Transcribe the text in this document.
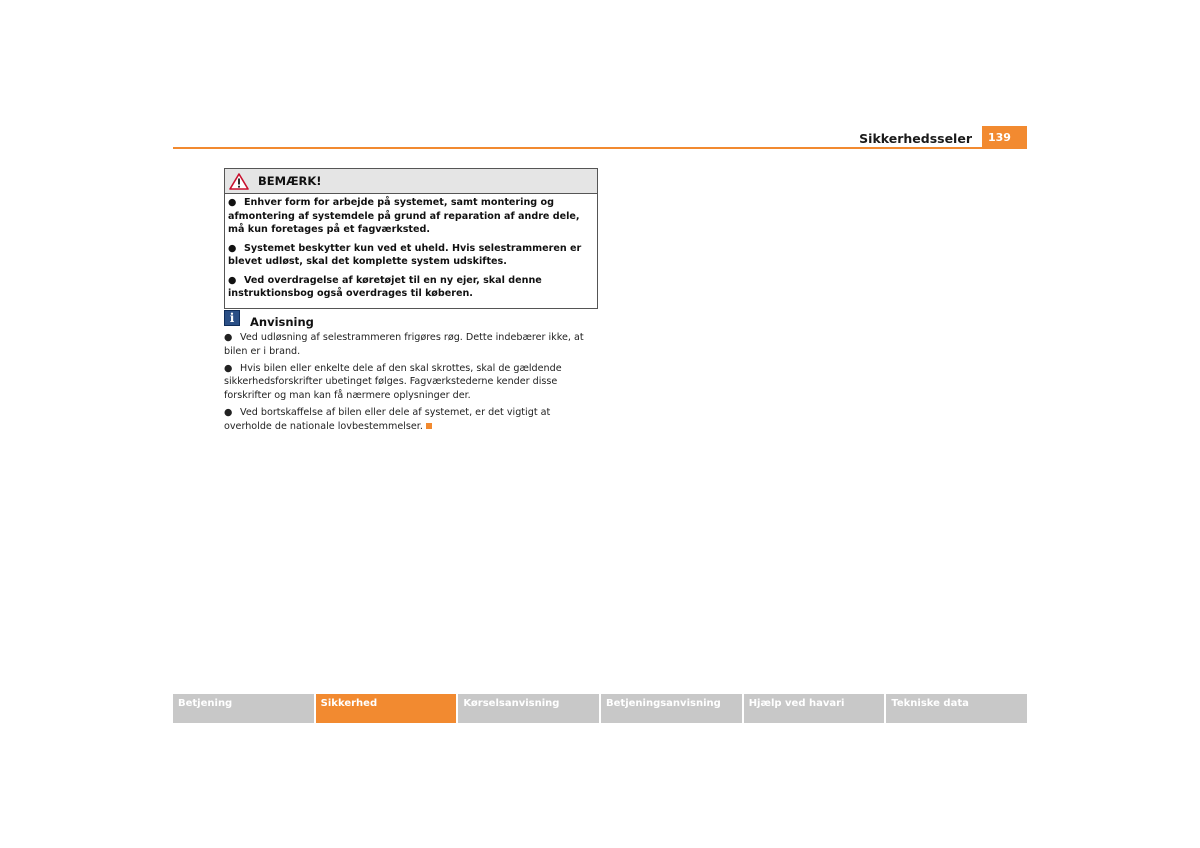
Sikkerhedsseler	139
BEMÆRK!

● Enhver form for arbejde på systemet, samt montering og afmontering af systemdele på grund af reparation af andre dele, må kun foretages på et fagværksted.

● Systemet beskytter kun ved et uheld. Hvis selestrammeren er blevet udløst, skal det komplette system udskiftes.

● Ved overdragelse af køretøjet til en ny ejer, skal denne instruktionsbog også overdrages til køberen.

i	Anvisning

● Ved udløsning af selestrammeren frigøres røg. Dette indebærer ikke, at bilen er i brand.

● Hvis bilen eller enkelte dele af den skal skrottes, skal de gældende sikkerhedsforskrifter ubetinget følges. Fagværkstederne kender disse forskrifter og man kan få nærmere oplysninger der.

● Ved bortskaffelse af bilen eller dele af systemet, er det vigtigt at overholde de nationale lovbestemmelser.

Betjening	Sikkerhed	Kørselsanvisning	Betjeningsanvisning	Hjælp ved havari	Tekniske data
